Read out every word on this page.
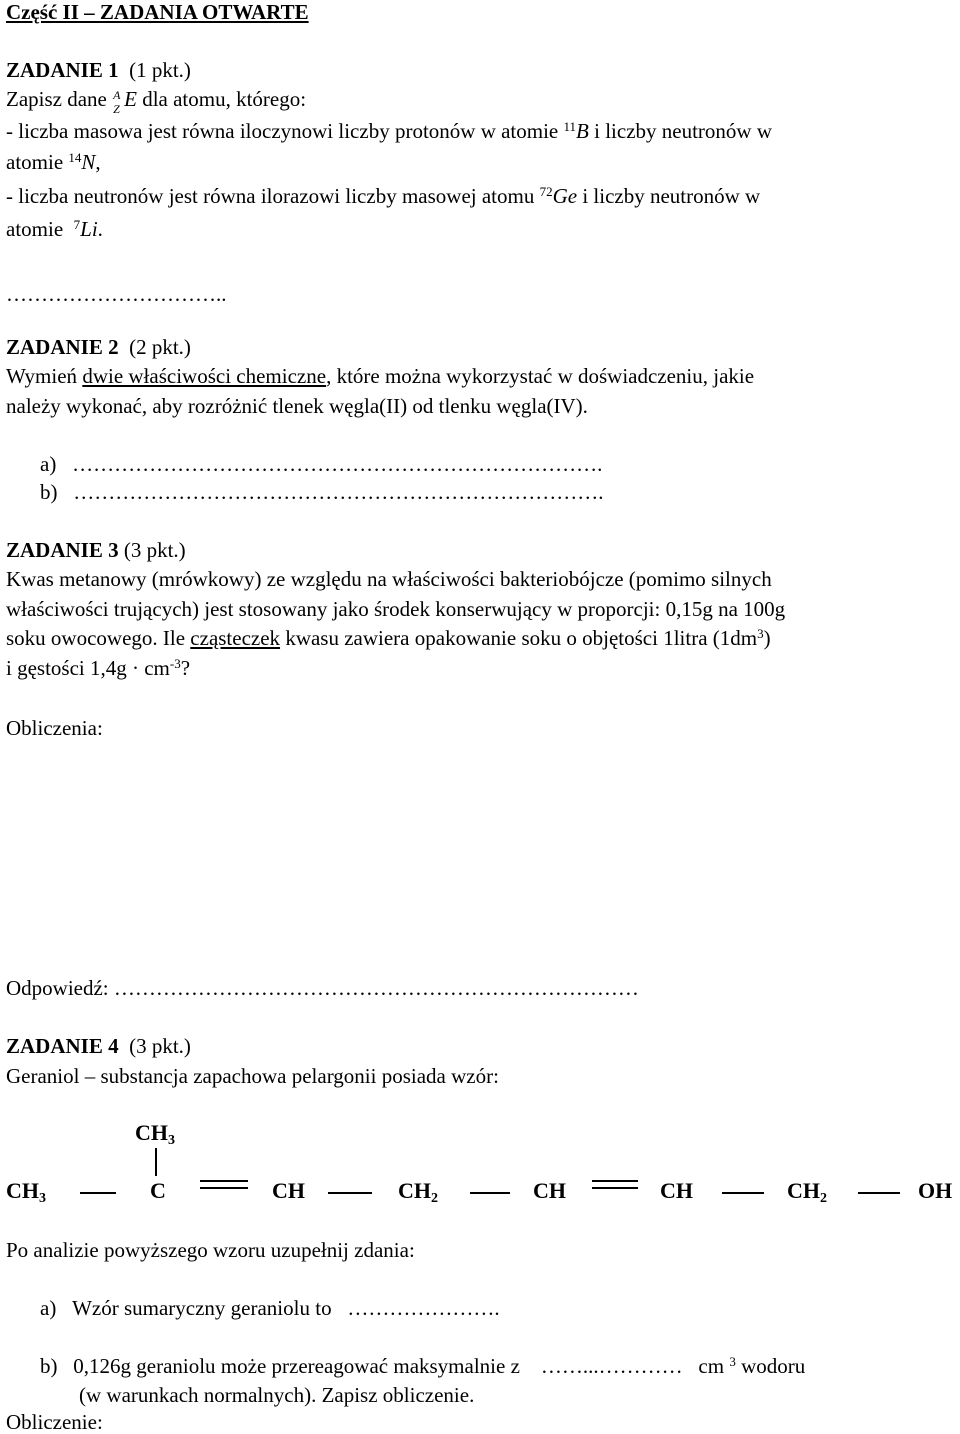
Część II – ZADANIA OTWARTE
ZADANIE 1 (1 pkt.)
Zapisz dane A
Z E dla atomu, którego:
- liczba masowa jest równa iloczynowi liczby protonów w atomie $^{11}$B i liczby neutronów w
atomie $^{14}$N,
- liczba neutronów jest równa ilorazowi liczby masowej atomu $^{72}$Ge i liczby neutronów w
atomie $^7$Li.
…………………………..
ZADANIE 2 (2 pkt.)
Wymień dwie właściwości chemiczne, które można wykorzystać w doświadczeniu, jakie
należy wykonać, aby rozróżnić tlenek węgla(II) od tlenku węgla(IV).
a) ………………………………………………………………….
b) ………………………………………………………………….
ZADANIE 3 (3 pkt.)
Kwas metanowy (mrówkowy) ze względu na właściwości bakteriobójcze (pomimo silnych
właściwości trujących) jest stosowany jako środek konserwujący w proporcji: 0,15g na 100g
soku owocowego. Ile cząsteczek kwasu zawiera opakowanie soku o objętości 1litra $(1dm^3)$
i gęstości $1,4g \cdot cm^{-3}$?
Obliczenia:
Odpowiedź: …………………………………………………………………
ZADANIE 4 (3 pkt.)
Geraniol – substancja zapachowa pelargonii posiada wzór:
CH3
CH3	C	CH	CH2	CH	CH	CH2	OH
Po analizie powyższego wzoru uzupełnij zdania:
a) Wzór sumaryczny geraniolu to ………………….
b) 0,126g geraniolu może przereagować maksymalnie z ……...………… cm $^3$ wodoru
(w warunkach normalnych). Zapisz obliczenie.
Obliczenie:
